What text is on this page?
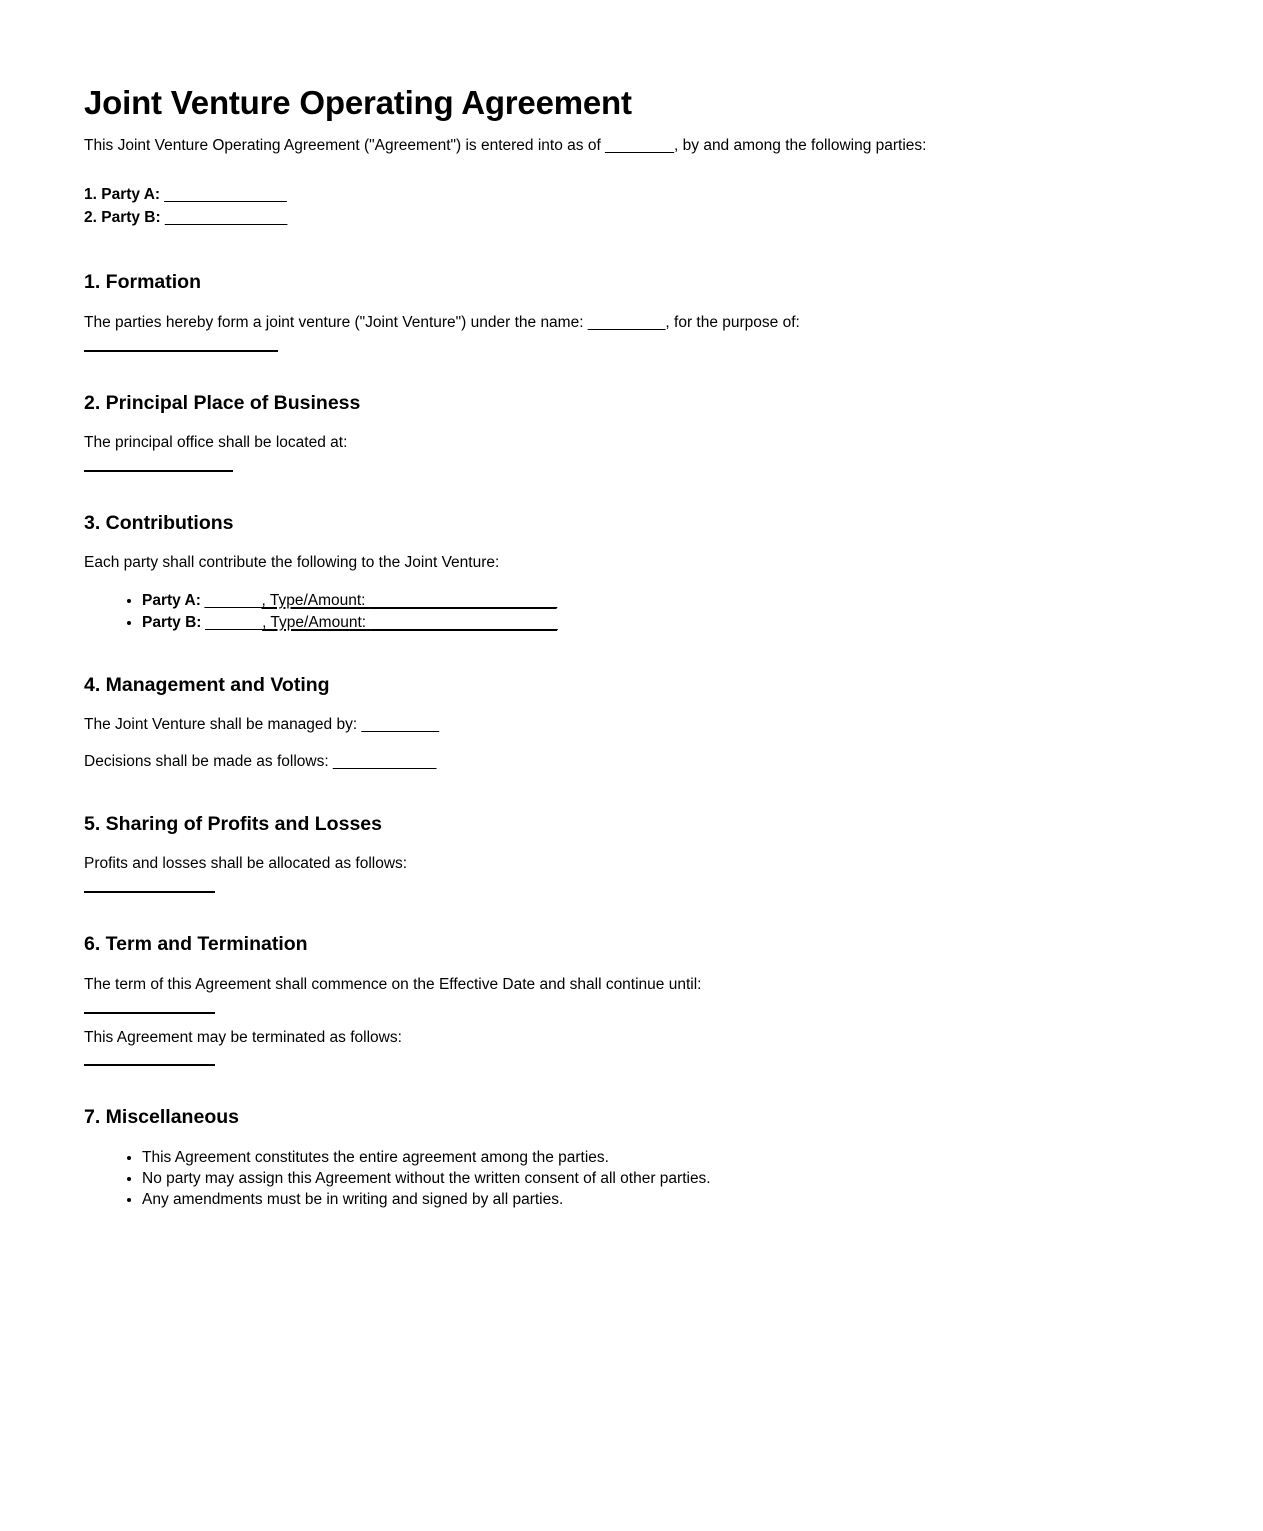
Joint Venture Operating Agreement

This Joint Venture Operating Agreement ("Agreement") is entered into as of ________, by and among the following parties:

1. Party A: _______________

2. Party B: _______________

1. Formation

The parties hereby form a joint venture ("Joint Venture") under the name: _________, for the purpose of:

2. Principal Place of Business

The principal office shall be located at:

3. Contributions

Each party shall contribute the following to the Joint Venture:

• Party A: _______, Type/Amount: _______________________
• Party B: _______, Type/Amount: _______________________
4. Management and Voting

The Joint Venture shall be managed by: _________

Decisions shall be made as follows: ____________

5. Sharing of Profits and Losses

Profits and losses shall be allocated as follows:

6. Term and Termination

The term of this Agreement shall commence on the Effective Date and shall continue until:

This Agreement may be terminated as follows:

7. Miscellaneous
• This Agreement constitutes the entire agreement among the parties.
• No party may assign this Agreement without the written consent of all other parties.
• Any amendments must be in writing and signed by all parties.
